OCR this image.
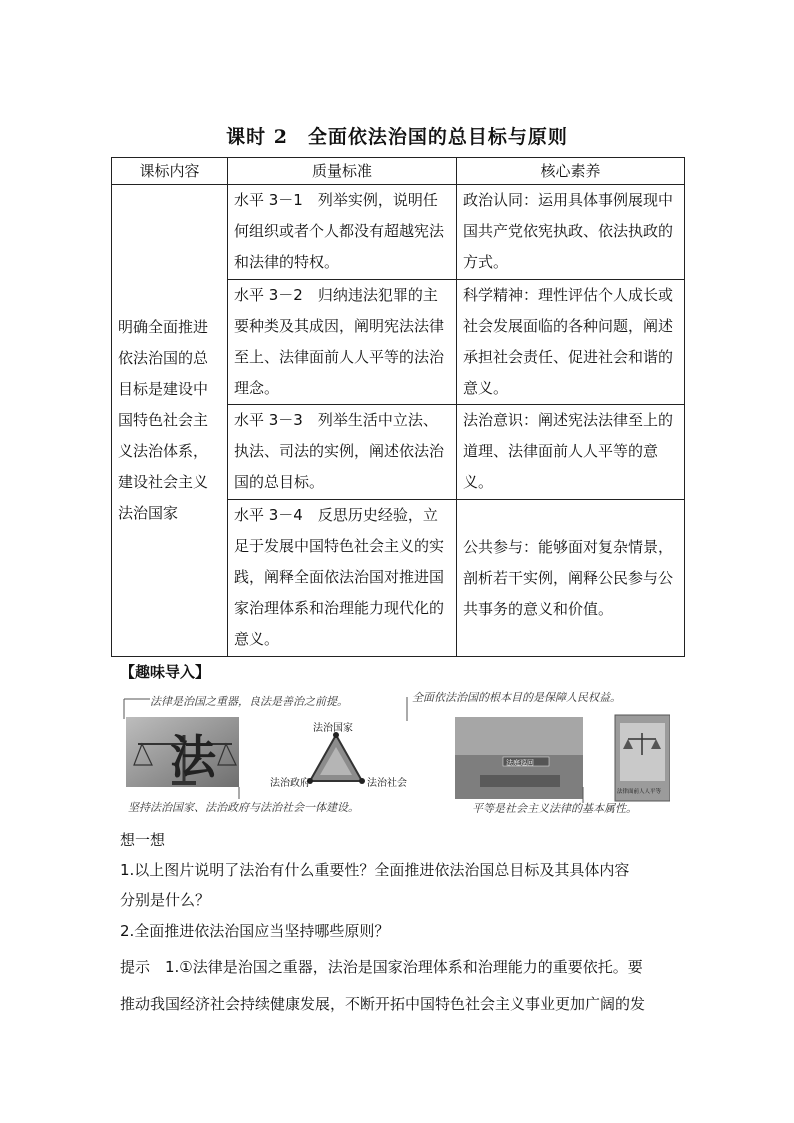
课时 2　全面依法治国的总目标与原则
课标内容	质量标准	核心素养
明确全面推进依法治国的总目标是建设中国特色社会主义法治体系，建设社会主义法治国家	水平 3－1　列举实例，说明任何组织或者个人都没有超越宪法和法律的特权。	政治认同：运用具体事例展现中国共产党依宪执政、依法执政的方式。
	水平 3－2　归纳违法犯罪的主要种类及其成因，阐明宪法法律至上、法律面前人人平等的法治理念。	科学精神：理性评估个人成长或社会发展面临的各种问题，阐述承担社会责任、促进社会和谐的意义。
	水平 3－3　列举生活中立法、执法、司法的实例，阐述依法治国的总目标。	法治意识：阐述宪法法律至上的道理、法律面前人人平等的意义。
	水平 3－4　反思历史经验，立足于发展中国特色社会主义的实践，阐释全面依法治国对推进国家治理体系和治理能力现代化的意义。	公共参与：能够面对复杂情景，剖析若干实例，阐释公民参与公共事务的意义和价值。
【趣味导入】
法
法治国家
法治政府	法治社会
法庭巡回
法律面前人人平等
法律是治国之重器，良法是善治之前提。
坚持法治国家、法治政府与法治社会一体建设。
全面依法治国的根本目的是保障人民权益。
平等是社会主义法律的基本属性。
想一想
1.以上图片说明了法治有什么重要性？全面推进依法治国总目标及其具体内容
分别是什么？
2.全面推进依法治国应当坚持哪些原则？
提示　1.①法律是治国之重器，法治是国家治理体系和治理能力的重要依托。要
推动我国经济社会持续健康发展，不断开拓中国特色社会主义事业更加广阔的发
